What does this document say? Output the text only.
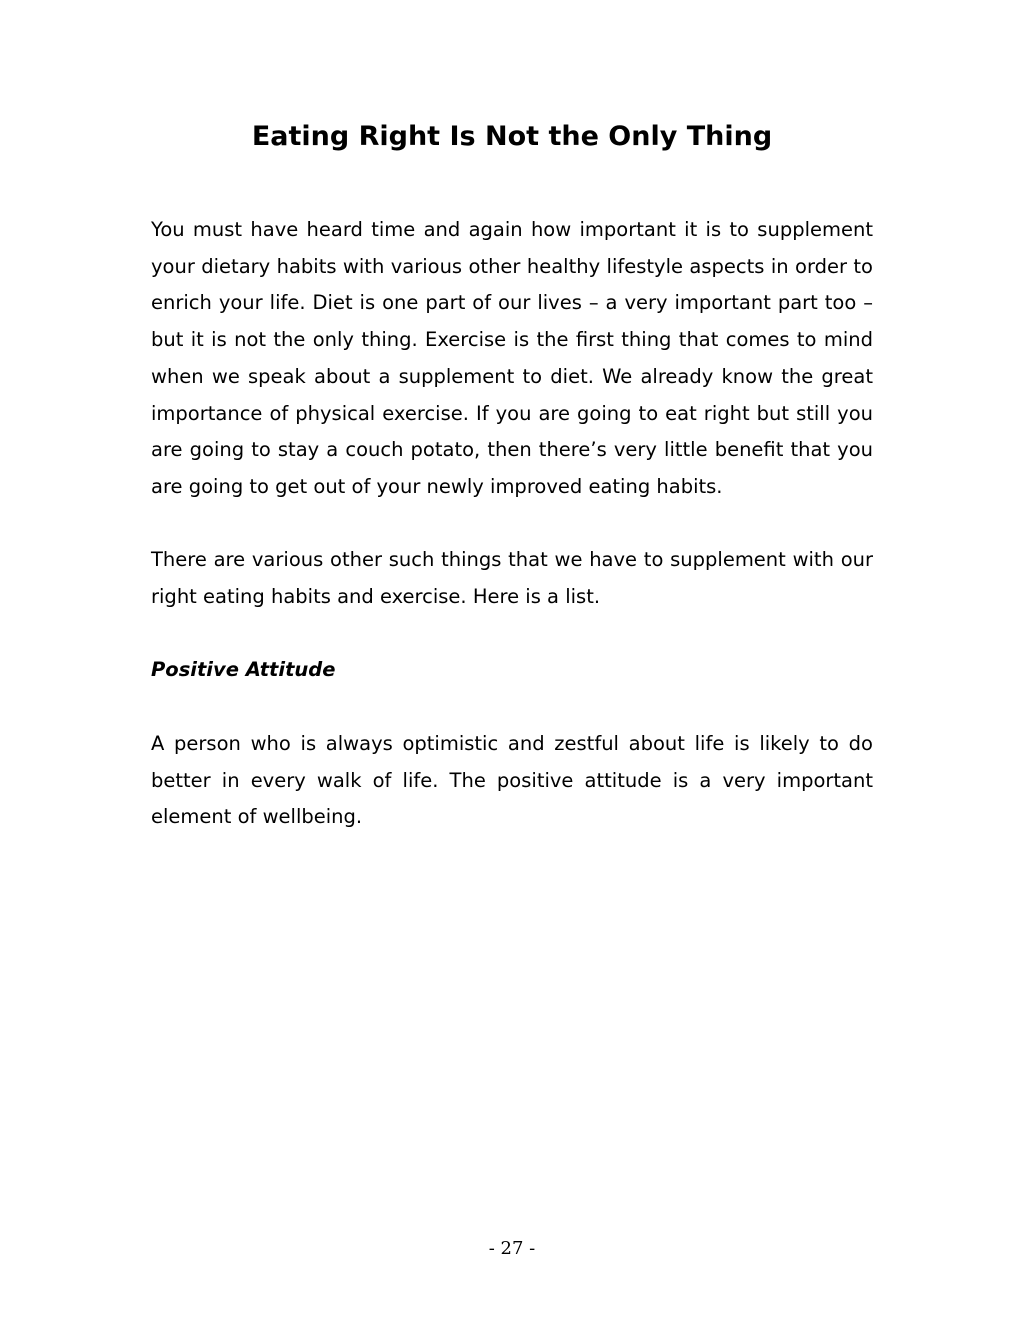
Eating Right Is Not the Only Thing

You must have heard time and again how important it is to supplement your dietary habits with various other healthy lifestyle aspects in order to enrich your life. Diet is one part of our lives – a very important part too – but it is not the only thing. Exercise is the first thing that comes to mind when we speak about a supplement to diet. We already know the great importance of physical exercise. If you are going to eat right but still you are going to stay a couch potato, then there’s very little benefit that you are going to get out of your newly improved eating habits.

There are various other such things that we have to supplement with our right eating habits and exercise. Here is a list.

Positive Attitude

A person who is always optimistic and zestful about life is likely to do better in every walk of life. The positive attitude is a very important element of wellbeing.

- 27 -
